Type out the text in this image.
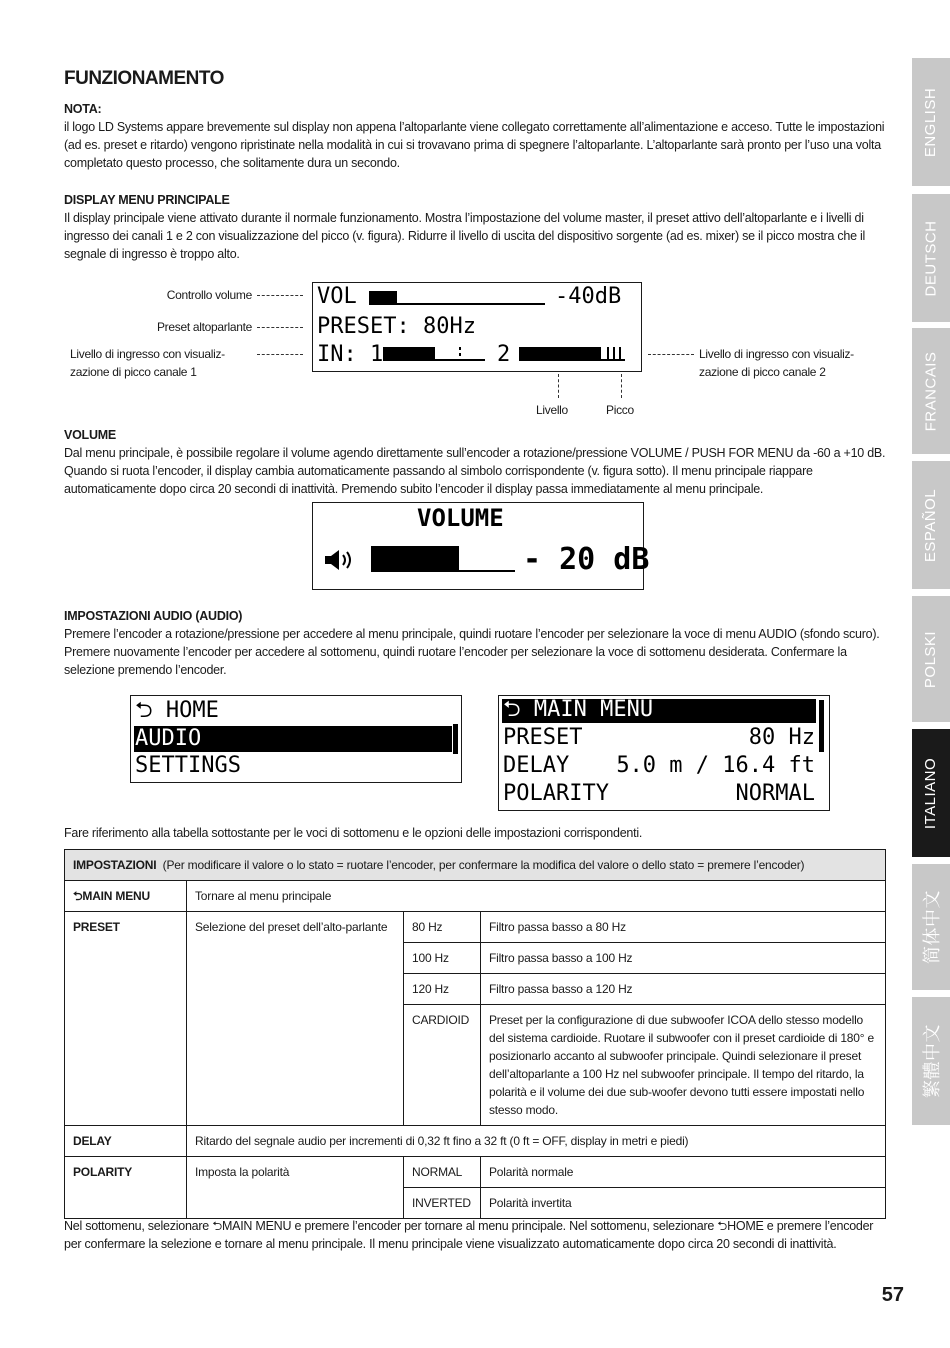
FUNZIONAMENTO
NOTA:
il logo LD Systems appare brevemente sul display non appena l’altoparlante viene collegato correttamente all’alimentazione e acceso. Tutte le impostazioni (ad es. preset e ritardo) vengono ripristinate nella modalità in cui si trovavano prima di spegnere l’altoparlante. L’altoparlante sarà pronto per l’uso una volta completato questo processo, che solitamente dura un secondo.
DISPLAY MENU PRINCIPALE
Il display principale viene attivato durante il normale funzionamento. Mostra l’impostazione del volume master, il preset attivo dell’altoparlante e i livelli di ingresso dei canali 1 e 2 con visualizzazione del picco (v. figura). Ridurre il livello di uscita del dispositivo sorgente (ad es. mixer) se il picco mostra che il segnale di ingresso è troppo alto.
Controllo volume
Preset altoparlante
Livello di ingresso con visualiz-zazione di picco canale 1
Livello di ingresso con visualiz-zazione di picco canale 2
VOL	-40dB
PRESET: 80Hz
IN: 1	2
Livello	Picco
VOLUME
Dal menu principale, è possibile regolare il volume agendo direttamente sull’encoder a rotazione/pressione VOLUME / PUSH FOR MENU da -60 a +10 dB. Quando si ruota l’encoder, il display cambia automaticamente passando al simbolo corrispondente (v. figura sotto). Il menu principale riappare automaticamente dopo circa 20 secondi di inattività. Premendo subito l’encoder il display passa immediatamente al menu principale.
VOLUME
- 20 dB
IMPOSTAZIONI AUDIO (AUDIO)
Premere l’encoder a rotazione/pressione per accedere al menu principale, quindi ruotare l’encoder per selezionare la voce di menu AUDIO (sfondo scuro). Premere nuovamente l’encoder per accedere al sottomenu, quindi ruotare l’encoder per selezionare la voce di sottomenu desiderata. Confermare la selezione premendo l’encoder.
⮌ HOME
AUDIO
SETTINGS
⮌ MAIN MENU
PRESET	80 Hz
DELAY 5.0 m / 16.4 ft
POLARITY	NORMAL
Fare riferimento alla tabella sottostante per le voci di sottomenu e le opzioni delle impostazioni corrispondenti.
IMPOSTAZIONI (Per modificare il valore o lo stato = ruotare l’encoder, per confermare la modifica del valore o dello stato = premere l’encoder)			
⮌MAIN MENU	Tornare al menu principale		
PRESET	Selezione del preset dell’alto-parlante	80 Hz	Filtro passa basso a 80 Hz
		100 Hz	Filtro passa basso a 100 Hz
		120 Hz	Filtro passa basso a 120 Hz
		CARDIOID	Preset per la configurazione di due subwoofer ICOA dello stesso modello del sistema cardioide. Ruotare il subwoofer con il preset cardioide di 180° e posizionarlo accanto al subwoofer principale. Quindi selezionare il preset dell’altoparlante a 100 Hz nel subwoofer principale. Il tempo del ritardo, la polarità e il volume dei due sub-woofer devono tutti essere impostati nello stesso modo.
DELAY	Ritardo del segnale audio per incrementi di 0,32 ft fino a 32 ft (0 ft = OFF, display in metri e piedi)		
POLARITY	Imposta la polarità	NORMAL	Polarità normale
		INVERTED	Polarità invertita
Nel sottomenu, selezionare ⮌MAIN MENU e premere l’encoder per tornare al menu principale. Nel sottomenu, selezionare ⮌HOME e premere l’encoder per confermare la selezione e tornare al menu principale. Il menu principale viene visualizzato automaticamente dopo circa 20 secondi di inattività.
57
ENGLISH
DEUTSCH
FRANCAIS
ESPAÑOL
POLSKI
ITALIANO
简体中文
繁體中文
